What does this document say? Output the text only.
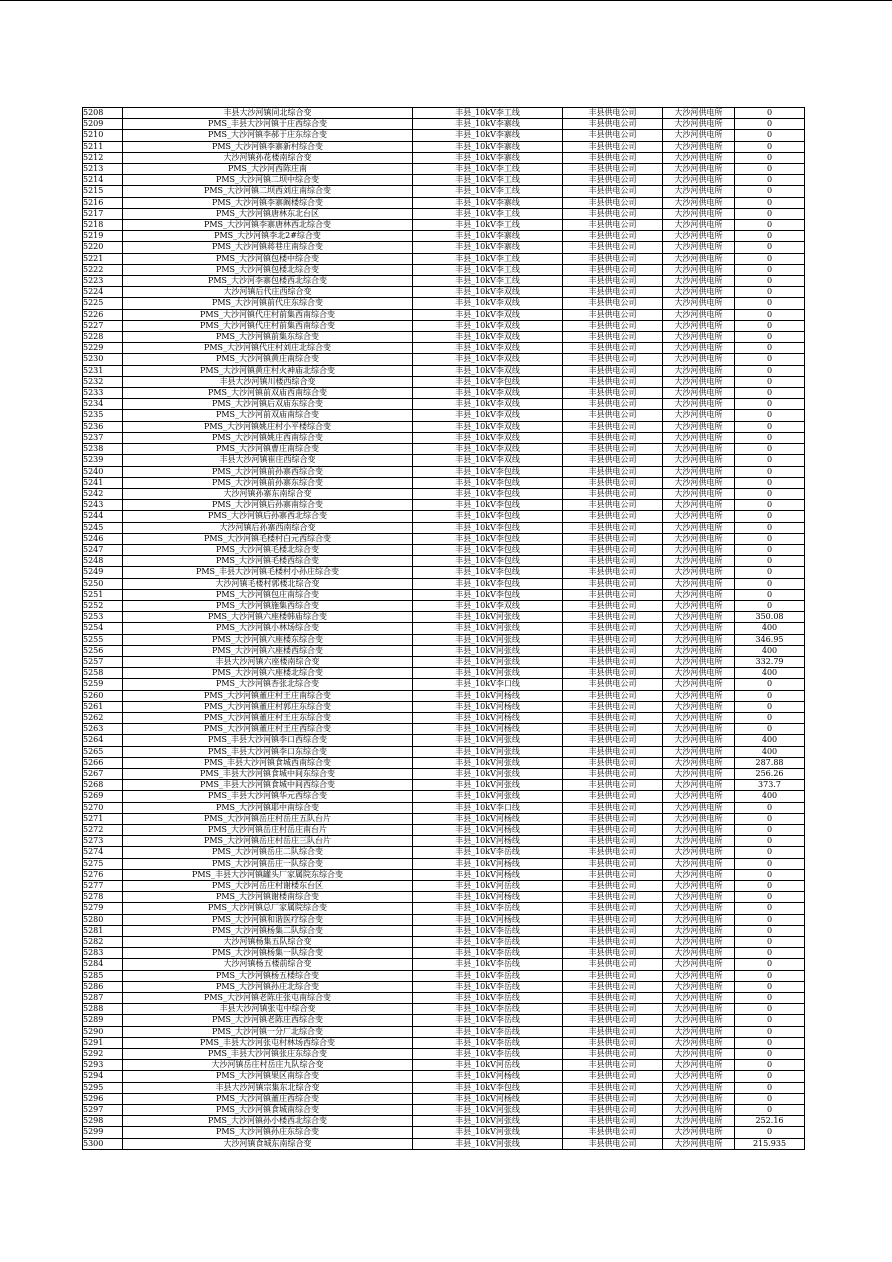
5208	丰县大沙河镇同北综合变	丰县_10kV李工线	丰县供电公司	大沙河供电所	0
5209	PMS_丰县大沙河镇于庄西综合变	丰县_10kV李寨线	丰县供电公司	大沙河供电所	0
5210	PMS_大沙河镇李郝于庄东综合变	丰县_10kV李寨线	丰县供电公司	大沙河供电所	0
5211	PMS_大沙河镇李寨新村综合变	丰县_10kV李寨线	丰县供电公司	大沙河供电所	0
5212	大沙河镇孙花楼南综合变	丰县_10kV李寨线	丰县供电公司	大沙河供电所	0
5213	PMS_大沙河西陈庄南	丰县_10kV李工线	丰县供电公司	大沙河供电所	0
5214	PMS_大沙河镇二坝中综合变	丰县_10kV李工线	丰县供电公司	大沙河供电所	0
5215	PMS_大沙河镇二坝西刘庄南综合变	丰县_10kV李工线	丰县供电公司	大沙河供电所	0
5216	PMS_大沙河镇李寨阚楼综合变	丰县_10kV李寨线	丰县供电公司	大沙河供电所	0
5217	PMS_大沙河镇唐林东北台区	丰县_10kV李工线	丰县供电公司	大沙河供电所	0
5218	PMS_大沙河镇李寨唐林西北综合变	丰县_10kV李工线	丰县供电公司	大沙河供电所	0
5219	PMS_大沙河镇李北2#综合变	丰县_10kV李寨线	丰县供电公司	大沙河供电所	0
5220	PMS_大沙河镇蒋巷庄南综合变	丰县_10kV李寨线	丰县供电公司	大沙河供电所	0
5221	PMS_大沙河镇包楼中综合变	丰县_10kV李工线	丰县供电公司	大沙河供电所	0
5222	PMS_大沙河镇包楼北综合变	丰县_10kV李工线	丰县供电公司	大沙河供电所	0
5223	PMS_大沙河李寨包楼西北综合变	丰县_10kV李工线	丰县供电公司	大沙河供电所	0
5224	大沙河镇后代庄西综合变	丰县_10kV李双线	丰县供电公司	大沙河供电所	0
5225	PMS_大沙河镇前代庄东综合变	丰县_10kV李双线	丰县供电公司	大沙河供电所	0
5226	PMS_大沙河镇代庄村前集西南综合变	丰县_10kV李双线	丰县供电公司	大沙河供电所	0
5227	PMS_大沙河镇代庄村前集西南综合变	丰县_10kV李双线	丰县供电公司	大沙河供电所	0
5228	PMS_大沙河镇前集东综合变	丰县_10kV李双线	丰县供电公司	大沙河供电所	0
5229	PMS_大沙河镇代庄村刘庄北综合变	丰县_10kV李双线	丰县供电公司	大沙河供电所	0
5230	PMS_大沙河镇黄庄南综合变	丰县_10kV李双线	丰县供电公司	大沙河供电所	0
5231	PMS_大沙河镇黄庄村火神庙北综合变	丰县_10kV李双线	丰县供电公司	大沙河供电所	0
5232	丰县大沙河镇川楼西综合变	丰县_10kV李包线	丰县供电公司	大沙河供电所	0
5233	PMS_大沙河镇前双庙西南综合变	丰县_10kV李双线	丰县供电公司	大沙河供电所	0
5234	PMS_大沙河镇后双庙东综合变	丰县_10kV李双线	丰县供电公司	大沙河供电所	0
5235	PMS_大沙河前双庙南综合变	丰县_10kV李双线	丰县供电公司	大沙河供电所	0
5236	PMS_大沙河镇姚庄村小平楼综合变	丰县_10kV李双线	丰县供电公司	大沙河供电所	0
5237	PMS_大沙河镇姚庄西南综合变	丰县_10kV李双线	丰县供电公司	大沙河供电所	0
5238	PMS_大沙河镇曹庄南综合变	丰县_10kV李双线	丰县供电公司	大沙河供电所	0
5239	丰县大沙河镇崔庄西综合变	丰县_10kV李双线	丰县供电公司	大沙河供电所	0
5240	PMS_大沙河镇前孙寨西综合变	丰县_10kV李包线	丰县供电公司	大沙河供电所	0
5241	PMS_大沙河镇前孙寨东综合变	丰县_10kV李包线	丰县供电公司	大沙河供电所	0
5242	大沙河镇孙寨东南综合变	丰县_10kV李包线	丰县供电公司	大沙河供电所	0
5243	PMS_大沙河镇后孙寨南综合变	丰县_10kV李包线	丰县供电公司	大沙河供电所	0
5244	PMS_大沙河镇后孙寨西北综合变	丰县_10kV李包线	丰县供电公司	大沙河供电所	0
5245	大沙河镇后孙寨西南综合变	丰县_10kV李包线	丰县供电公司	大沙河供电所	0
5246	PMS_大沙河镇毛楼村白元西综合变	丰县_10kV李包线	丰县供电公司	大沙河供电所	0
5247	PMS_大沙河镇毛楼北综合变	丰县_10kV李包线	丰县供电公司	大沙河供电所	0
5248	PMS_大沙河镇毛楼西综合变	丰县_10kV李包线	丰县供电公司	大沙河供电所	0
5249	PMS_丰县大沙河镇毛楼村小孙庄综合变	丰县_10kV李包线	丰县供电公司	大沙河供电所	0
5250	大沙河镇毛楼村郭楼北综合变	丰县_10kV李包线	丰县供电公司	大沙河供电所	0
5251	PMS_大沙河镇包庄南综合变	丰县_10kV李包线	丰县供电公司	大沙河供电所	0
5252	PMS_大沙河镇施集西综合变	丰县_10kV李双线	丰县供电公司	大沙河供电所	0
5253	PMS_大沙河镇六座楼韩庙综合变	丰县_10kV河张线	丰县供电公司	大沙河供电所	350.08
5254	PMS_大沙河镇小林场综合变	丰县_10kV河张线	丰县供电公司	大沙河供电所	400
5255	PMS_大沙河镇六座楼东综合变	丰县_10kV河张线	丰县供电公司	大沙河供电所	346.95
5256	PMS_大沙河镇六座楼西综合变	丰县_10kV河张线	丰县供电公司	大沙河供电所	400
5257	丰县大沙河镇六座楼南综合变	丰县_10kV河张线	丰县供电公司	大沙河供电所	332.79
5258	PMS_大沙河镇六座楼北综合变	丰县_10kV河张线	丰县供电公司	大沙河供电所	400
5259	PMS_大沙河镇杏张北综合变	丰县_10kV李口线	丰县供电公司	大沙河供电所	0
5260	PMS_大沙河镇董庄村王庄南综合变	丰县_10kV河杨线	丰县供电公司	大沙河供电所	0
5261	PMS_大沙河镇董庄村郭庄东综合变	丰县_10kV河杨线	丰县供电公司	大沙河供电所	0
5262	PMS_大沙河镇董庄村王庄东综合变	丰县_10kV河杨线	丰县供电公司	大沙河供电所	0
5263	PMS_大沙河镇董庄村王庄西综合变	丰县_10kV河杨线	丰县供电公司	大沙河供电所	0
5264	PMS_丰县大沙河镇李口西综合变	丰县_10kV河张线	丰县供电公司	大沙河供电所	400
5265	PMS_丰县大沙河镇李口东综合变	丰县_10kV河张线	丰县供电公司	大沙河供电所	400
5266	PMS_丰县大沙河镇食城西南综合变	丰县_10kV河张线	丰县供电公司	大沙河供电所	287.88
5267	PMS_丰县大沙河镇食城中间东综合变	丰县_10kV河张线	丰县供电公司	大沙河供电所	256.26
5268	PMS_丰县大沙河镇食城中间西综合变	丰县_10kV河张线	丰县供电公司	大沙河供电所	373.7
5269	PMS_丰县大沙河镇华元西综合变	丰县_10kV河张线	丰县供电公司	大沙河供电所	400
5270	PMS_大沙河镇耶中南综合变	丰县_10kV李口线	丰县供电公司	大沙河供电所	0
5271	PMS_大沙河镇岳庄村岳庄五队台片	丰县_10kV河杨线	丰县供电公司	大沙河供电所	0
5272	PMS_大沙河镇岳庄村岳庄南台片	丰县_10kV河杨线	丰县供电公司	大沙河供电所	0
5273	PMS_大沙河镇岳庄村岳庄三队台片	丰县_10kV河杨线	丰县供电公司	大沙河供电所	0
5274	PMS_大沙河镇岳庄二队综合变	丰县_10kV李岳线	丰县供电公司	大沙河供电所	0
5275	PMS_大沙河镇岳庄一队综合变	丰县_10kV河杨线	丰县供电公司	大沙河供电所	0
5276	PMS_丰县大沙河镇罐头厂家属院东综合变	丰县_10kV河杨线	丰县供电公司	大沙河供电所	0
5277	PMS_大沙河岳庄村谢楼东台区	丰县_10kV河岳线	丰县供电公司	大沙河供电所	0
5278	PMS_大沙河镇谢楼南综合变	丰县_10kV河杨线	丰县供电公司	大沙河供电所	0
5279	PMS_大沙河镇总厂家属院综合变	丰县_10kV李岳线	丰县供电公司	大沙河供电所	0
5280	PMS_大沙河镇和谐医疗综合变	丰县_10kV河杨线	丰县供电公司	大沙河供电所	0
5281	PMS_大沙河镇杨集二队综合变	丰县_10kV李岳线	丰县供电公司	大沙河供电所	0
5282	大沙河镇杨集五队综合变	丰县_10kV李岳线	丰县供电公司	大沙河供电所	0
5283	PMS_大沙河镇杨集一队综合变	丰县_10kV李岳线	丰县供电公司	大沙河供电所	0
5284	大沙河镇杨五楼前综合变	丰县_10kV李岳线	丰县供电公司	大沙河供电所	0
5285	PMS_大沙河镇杨五楼综合变	丰县_10kV李岳线	丰县供电公司	大沙河供电所	0
5286	PMS_大沙河镇孙庄北综合变	丰县_10kV李岳线	丰县供电公司	大沙河供电所	0
5287	PMS_大沙河镇老陈庄张屯南综合变	丰县_10kV李岳线	丰县供电公司	大沙河供电所	0
5288	丰县大沙河镇张屯中综合变	丰县_10kV李岳线	丰县供电公司	大沙河供电所	0
5289	PMS_大沙河镇老陈庄西综合变	丰县_10kV李岳线	丰县供电公司	大沙河供电所	0
5290	PMS_大沙河镇一分厂北综合变	丰县_10kV李岳线	丰县供电公司	大沙河供电所	0
5291	PMS_丰县大沙河张屯村林场西综合变	丰县_10kV李岳线	丰县供电公司	大沙河供电所	0
5292	PMS_丰县大沙河镇张庄东综合变	丰县_10kV李岳线	丰县供电公司	大沙河供电所	0
5293	大沙河镇岳庄村岳庄九队综合变	丰县_10kV河岳线	丰县供电公司	大沙河供电所	0
5294	PMS_大沙河镇果区南综合变	丰县_10kV河杨线	丰县供电公司	大沙河供电所	0
5295	丰县大沙河镇宗集东北综合变	丰县_10kV李包线	丰县供电公司	大沙河供电所	0
5296	PMS_大沙河镇董庄西综合变	丰县_10kV河杨线	丰县供电公司	大沙河供电所	0
5297	PMS_大沙河镇食城南综合变	丰县_10kV河张线	丰县供电公司	大沙河供电所	0
5298	PMS_大沙河镇孙小楼西北综合变	丰县_10kV河张线	丰县供电公司	大沙河供电所	252.16
5299	PMS_大沙河镇孙庄东综合变	丰县_10kV河张线	丰县供电公司	大沙河供电所	0
5300	大沙河镇食城东南综合变	丰县_10kV河张线	丰县供电公司	大沙河供电所	215.935
